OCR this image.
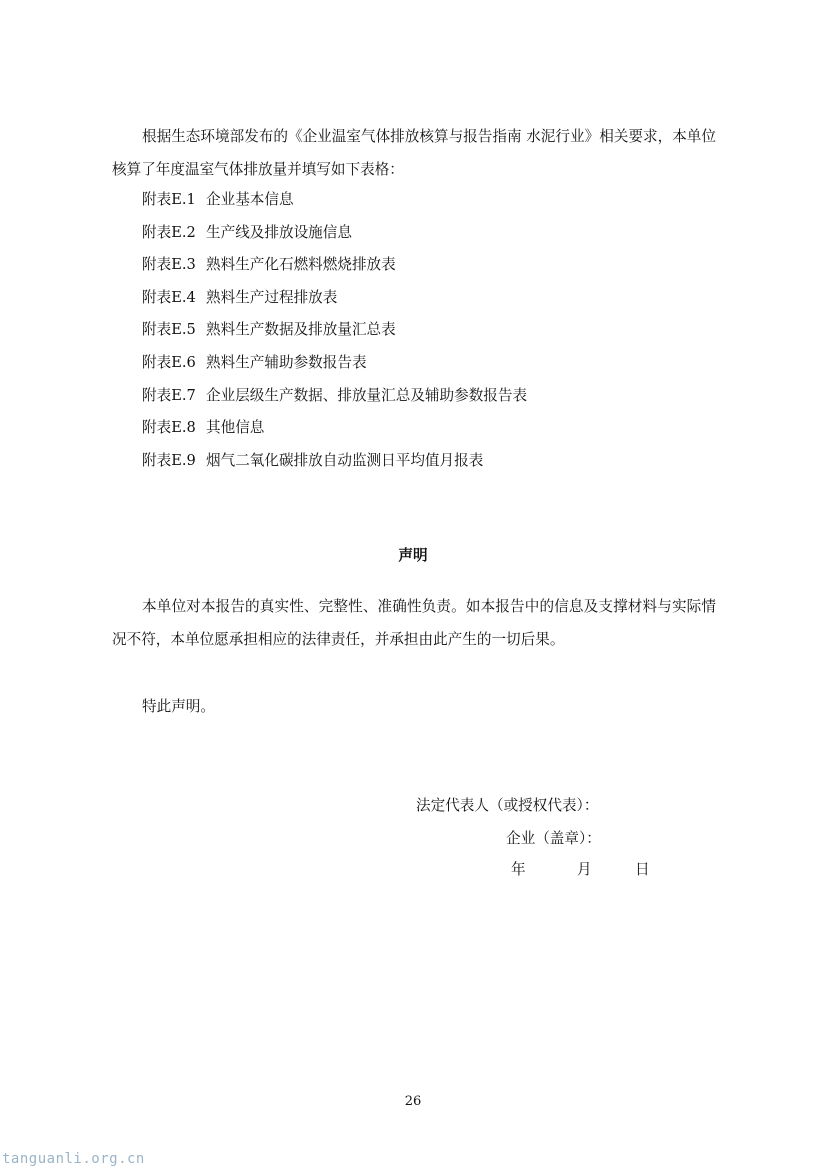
根据生态环境部发布的《企业温室气体排放核算与报告指南 水泥行业》相关要求，本单位核算了年度温室气体排放量并填写如下表格：

附表E.1 企业基本信息
附表E.2 生产线及排放设施信息
附表E.3 熟料生产化石燃料燃烧排放表
附表E.4 熟料生产过程排放表
附表E.5 熟料生产数据及排放量汇总表
附表E.6 熟料生产辅助参数报告表
附表E.7 企业层级生产数据、排放量汇总及辅助参数报告表
附表E.8 其他信息
附表E.9 烟气二氧化碳排放自动监测日平均值月报表
声明

本单位对本报告的真实性、完整性、准确性负责。如本报告中的信息及支撑材料与实际情况不符，本单位愿承担相应的法律责任，并承担由此产生的一切后果。

特此声明。

法定代表人（或授权代表）：

企业（盖章）：

年	月	日

26
tanguanli.org.cn
